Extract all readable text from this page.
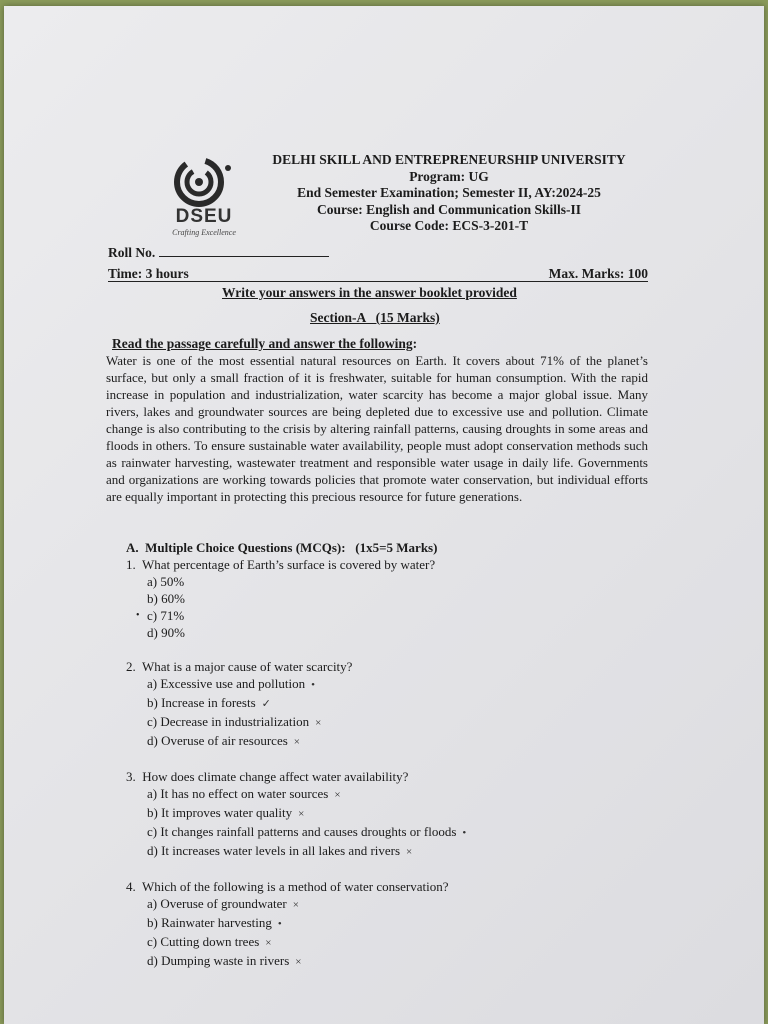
DSEU
Crafting Excellence
DELHI SKILL AND ENTREPRENEURSHIP UNIVERSITY
Program: UG
End Semester Examination; Semester II, AY:2024-25
Course: English and Communication Skills-II
Course Code: ECS-3-201-T
Roll No.
Time: 3 hours	Max. Marks: 100
Write your answers in the answer booklet provided
Section-A   (15 Marks)
Read the passage carefully and answer the following:
Water is one of the most essential natural resources on Earth. It covers about 71% of the planet’s surface, but only a small fraction of it is freshwater, suitable for human consumption. With the rapid increase in population and industrialization, water scarcity has become a major global issue. Many rivers, lakes and groundwater sources are being depleted due to excessive use and pollution. Climate change is also contributing to the crisis by altering rainfall patterns, causing droughts in some areas and floods in others. To ensure sustainable water availability, people must adopt conservation methods such as rainwater harvesting, wastewater treatment and responsible water usage in daily life. Governments and organizations are working towards policies that promote water conservation, but individual efforts are equally important in protecting this precious resource for future generations.
A.  Multiple Choice Questions (MCQs):   (1x5=5 Marks)
1. What percentage of Earth’s surface is covered by water?
a) 50%
b) 60%
• c) 71%
d) 90%
2. What is a major cause of water scarcity?
a) Excessive use and pollution •
b) Increase in forests ✓
c) Decrease in industrialization ×
d) Overuse of air resources ×
3. How does climate change affect water availability?
a) It has no effect on water sources ×
b) It improves water quality ×
c) It changes rainfall patterns and causes droughts or floods •
d) It increases water levels in all lakes and rivers ×
4. Which of the following is a method of water conservation?
a) Overuse of groundwater ×
b) Rainwater harvesting •
c) Cutting down trees ×
d) Dumping waste in rivers ×
